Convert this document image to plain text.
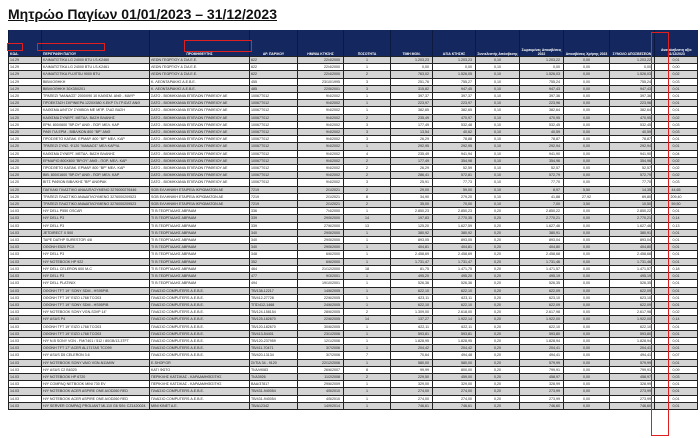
Μητρώο Παγίων 01/01/2023 – 31/12/2023
ΚΩΔ.	ΠΕΡΙΓΡΑΦΗ ΠΑΓΙΟΥ	ΠΡΟΜΗΘΕΥΤΗΣ	ΑΡ. ΠΑΡ/ΚΟΥ	ΗΜ/ΝΙΑ ΚΤΗΣΗΣ	ΠΟΣΟΤΗΤΑ	ΤΙΜΗ ΜΟΝ.	ΑΞΙΑ ΚΤΗΣΗΣ	Συντελεστής Απόσβεσης	Σωρευμένες Αποσβέσεις 2022	Αποσβέσεις Χρήσης 2023	ΣΥΝΟΛΟ ΑΠΟΣΒΕΣΕΩΝ	Αναπόσβεστη αξία 31/12/2023
14.29	ΚΛΙΜΑΤΙΣΤΙΚΑ LG 24000 BTU LS-K2460	ΛΕΩΝ ΓΕΩΡΓΙΟΥ & ΣΙΑ Ε.Ε.	622	22/4/2000	1	1.203,23	1.203,23	0,10	1.203,22	0,00	1.203,22	0,01
14.29	ΚΛΙΜΑΤΙΣΤΙΚΑ LG 24000 BTU LS-K2461	ΛΕΩΝ ΓΕΩΡΓΙΟΥ & ΣΙΑ Ε.Ε.	622	22/4/2000	1	0,00	0,00	0,10	0,00	0,00	0,00	0,00
14.29	ΚΛΙΜΑΤΙΣΤΙΚΑ FUJITSU 9000 BTU	ΛΕΩΝ ΓΕΩΡΓΙΟΥ & ΣΙΑ Ε.Ε.	622	22/4/2000	2	763,02	1.526,05	0,10	1.526,03	0,00	1.526,03	0,02
14.29	ΒΙΒΛΙΟΘΗΚΗ	Κ. ΛΕΟΝΤΑΡΑΚΗΣ Α.Ε.Β.Ε.	455	23/10/1995	3	251,76	755,27	0,10	755,24	0,00	755,24	0,03
14.29	ΒΙΒΛΙΟΘΗΚΗ 30Χ35Χ201	Κ. ΛΕΟΝΤΑΡΑΚΗΣ Α.Ε.Β.Ε.	485	22/5/2001	3	315,82	947,45	0,10	947,43	0,00	947,43	0,01
14.20	ΤΡΑΠΕΖΙ "ΜΑΝΑΟΣ" 2000Χ90 10 ΚΑΘΙΣΜ. ΑΝΘ - ΜΑΥΡ	ΣΑΤΟ - ΒΙΟΜΗΧΑΝΙΑ ΕΠΙΠΛΩΝ ΓΡΑΦΕΙΟΥ ΑΕ	10067Τ012	9/4/2002	1	397,37	397,37	0,10	397,36	0,00	397,36	0,01
14.20	ΠΡΟΕΚΤΑΣΗ ΣΚΡΙΝΙΕΡΑ 1220Χ580 Χ.ΕΚΡ ΓΛ.ΓΡ.ΙΣΑΤ ΑΝΘ	ΣΑΤΟ - ΒΙΟΜΗΧΑΝΙΑ ΕΠΙΠΛΩΝ ΓΡΑΦΕΙΟΥ ΑΕ	10067Τ012	9/4/2002	1	223,97	223,97	0,10	223,96	0,00	223,96	0,01
14.20	ΚΑΘΙΣΜΑ Δ/ΝΤΟΥ ΣΥΜΒΟΛ ΜΕ ΜΠΡ. ΓΛΑΣ ΒΑΣΗ	ΣΑΤΟ - ΒΙΟΜΗΧΑΝΙΑ ΕΠΙΠΛΩΝ ΓΡΑΦΕΙΟΥ ΑΕ	10067Τ012	9/4/2002	1	382,65	382,65	0,10	382,64	0,00	382,64	0,01
14.20	ΚΑΘΙΣΜΑ ΣΥΝΕΡΓ. ΜΕΤΑΛ. ΒΑΣΗ ΒΛΑΝΗΣ	ΣΑΤΟ - ΒΙΟΜΗΧΑΝΙΑ ΕΠΙΠΛΩΝ ΓΡΑΦΕΙΟΥ ΑΕ	10067Τ012	9/4/2002	2	235,49	470,97	0,10	470,95	0,00	470,95	0,02
14.20	ΕΡΜ. 800Χ600 "ΒΡ.ΟΥ" ΑΝΘ - ΠΟΡ. ΜΕΛ. ΚΑΡ	ΣΑΤΟ - ΒΙΟΜΗΧΑΝΙΑ ΕΠΙΠΛΩΝ ΓΡΑΦΕΙΟΥ ΑΕ	10067Τ012	9/4/2002	3	177,49	532,48	0,10	532,45	0,00	532,45	0,03
14.20	ΡΑΦΙ ΓΙΑ ΕΡΜ - ΒΙΒΛ/ΚΩΝ 800 "ΒΡ" ΑΝΘ	ΣΑΤΟ - ΒΙΟΜΗΧΑΝΙΑ ΕΠΙΠΛΩΝ ΓΡΑΦΕΙΟΥ ΑΕ	10067Τ012	9/4/2002	3	13,54	40,62	0,10	40,59	0,00	40,59	0,03
14.20	ΠΡΟΣΘΕΤΟ ΚΑΠΑΚ. ΕΡΜΑΡ. 800 "ΒΡ" ΜΕΛ. ΚΑΡ	ΣΑΤΟ - ΒΙΟΜΗΧΑΝΙΑ ΕΠΙΠΛΩΝ ΓΡΑΦΕΙΟΥ ΑΕ	10067Τ012	9/4/2002	3	26,29	78,88	0,10	78,87	0,00	78,87	0,01
14.20	ΤΡΑΠΕΖΙ ΣΥΝΣ. Φ120 "ΜΑΝΑΟΣ" ΜΕΛ ΚΑΡΥΔ	ΣΑΤΟ - ΒΙΟΜΗΧΑΝΙΑ ΕΠΙΠΛΩΝ ΓΡΑΦΕΙΟΥ ΑΕ	10067Τ012	9/4/2002	1	292,95	292,95	0,10	292,94	0,00	292,94	0,01
14.20	ΚΑΘΙΣΜΑ ΣΥΝΕΡΓ. ΜΕΤΑΛ. ΒΑΣΗ ΒΛΑΝΗΣ	ΣΑΤΟ - ΒΙΟΜΗΧΑΝΙΑ ΕΠΙΠΛΩΝ ΓΡΑΦΕΙΟΥ ΑΕ	10067Τ012	9/4/2002	4	235,49	941,94	0,10	941,90	0,00	941,90	0,04
14.20	ΕΡΜΑΡΙΟ 800Χ600 "ΒΡ.ΟΥ" ΑΝΘ - ΠΟΡ. ΜΕΛ. ΚΑΡ	ΣΑΤΟ - ΒΙΟΜΗΧΑΝΙΑ ΕΠΙΠΛΩΝ ΓΡΑΦΕΙΟΥ ΑΕ	10067Τ012	9/4/2002	2	177,49	354,98	0,10	354,96	0,00	354,96	0,02
14.20	ΠΡΟΣΘΕΤΟ ΚΑΠΑΚ. ΕΡΜΑΡ. 800 "ΒΡ" ΜΕΛ. ΚΑΡ	ΣΑΤΟ - ΒΙΟΜΗΧΑΝΙΑ ΕΠΙΠΛΩΝ ΓΡΑΦΕΙΟΥ ΑΕ	10067Τ012	9/4/2002	2	26,29	52,59	0,10	52,57	0,00	52,57	0,02
14.20	ΒΙΒ. 800Χ1600 "ΒΡ.ΟΥ" ΑΝΘ - ΠΟΡ. ΜΕΛ. ΚΑΡ	ΣΑΤΟ - ΒΙΟΜΗΧΑΝΙΑ ΕΠΙΠΛΩΝ ΓΡΑΦΕΙΟΥ ΑΕ	10067Τ012	9/4/2002	2	286,41	572,81	0,10	572,79	0,00	572,79	0,02
14.20	ΒΙΤΣ ΡΑΦΙΩΝ ΒΙΒΛ/ΚΗΣ "ΒΡ" ΑΝΘΡΑΚ	ΣΑΤΟ - ΒΙΟΜΗΧΑΝΙΑ ΕΠΙΠΛΩΝ ΓΡΑΦΕΙΟΥ ΑΕ	10067Τ012	9/4/2002	3	25,91	77,73	0,10	77,70	0,00	77,70	0,03
14.20	ΠΑΓΚΑΚΙ ΠΛΑΣΤΙΚΟ ΑΝΑΔΙΠΛΟΥΜΕΝΟ 3276000276446	SGB ΕΛΛΗΝΙΚΗ ΕΤΑΙΡΕΙΑ ΙΚΡΙΩΜΑΤΩΝ ΑΕ	7219	2/1/2021	2	29,00	59,00	0,10	8,97	5,50	14,35	44,65
14.20	ΤΡΑΠΕΖΙ ΠΛΑΣΤΙΚΟ ΑΝΑΔΙΠΛΟΥΜΕΝΟ 3276000209523	SGB ΕΛΛΗΝΙΚΗ ΕΤΑΙΡΕΙΑ ΙΚΡΙΩΜΑΤΩΝ ΑΕ	7219	2/1/2021	8	34,90	279,20	0,10	41,88	27,92	69,80	209,40
14.20	ΤΡΑΠΕΖΙ ΠΛΑΣΤΙΚΟ ΑΝΑΔΙΠΛΟΥΜΕΝΟ 3276000209523	SGB ΕΛΛΗΝΙΚΗ ΕΤΑΙΡΕΙΑ ΙΚΡΙΩΜΑΤΩΝ ΑΕ	7219	2/1/2021	2	35,00	70,00	0,10	7,00	3,50	10,50	59,50
14.03	Η/Υ DELL P550 OSCAR	ΤΙ Β ΓΕΩΡΓΙΑΔΗΣ ΑΒΡΑΑΜ	336	7/4/2000	1	2.850,23	2.850,23	0,20	2.850,22	0,00	2.850,22	0,01
14.03	Η/Υ DELL P3	ΤΙ Β ΓΕΩΡΓΙΑΔΗΣ ΑΒΡΑΑΜ	339	29/5/2000	14	197,83	2.770,35	0,20	2.770,21	0,00	2.770,21	0,14
14.03	Η/Υ DELL P3	ΤΙ Β ΓΕΩΡΓΙΑΔΗΣ ΑΒΡΑΑΜ	339	27/6/2000	13	125,20	1.627,59	0,20	1.627,46	0,00	1.627,46	0,13
14.03	JETDIRECT X 500	ΤΙ Β ΓΕΩΡΓΙΑΔΗΣ ΑΒΡΑΑΜ	340	29/5/2000	1	380,92	380,92	0,20	380,91	0,00	380,91	0,01
14.03	TAPE DATHP SURESTOR 4/8	ΤΙ Β ΓΕΩΡΓΙΑΔΗΣ ΑΒΡΑΑΜ	340	29/5/2000	1	893,05	893,05	0,20	893,04	0,00	893,04	0,01
14.03	ΟΘΟΝΗ E520 PCX	ΤΙ Β ΓΕΩΡΓΙΑΔΗΣ ΑΒΡΑΑΜ	340	29/5/2000	1	404,81	404,81	0,20	404,80	0,00	404,80	0,01
14.03	Η/Υ DELL P3	ΤΙ Β ΓΕΩΡΓΙΑΔΗΣ ΑΒΡΑΑΜ	348	6/6/2000	1	2.458,69	2.458,69	0,20	2.458,68	0,00	2.458,68	0,01
14.03	Η/Υ NOTEBOOK HP 922	ΤΙ Β ΓΕΩΡΓΙΑΔΗΣ ΑΒΡΑΑΜ	352	6/6/2000	1	1.731,47	1.731,47	0,20	1.731,46	0,00	1.731,46	0,01
14.03	Η/Υ DELL CELERON 600 M-C	ΤΙ Β ΓΕΩΡΓΙΑΔΗΣ ΑΒΡΑΑΜ	464	21/12/2000	18	81,75	1.471,75	0,20	1.471,57	0,00	1.471,57	0,18
14.03	Η/Υ DELL P3	ΤΙ Β ΓΕΩΡΓΙΑΔΗΣ ΑΒΡΑΑΜ	477	9/3/2001	1	495,20	495,20	0,20	495,19	0,00	495,19	0,01
14.03	Η/Υ DELL PLATINIX	ΤΙ Β ΓΕΩΡΓΙΑΔΗΣ ΑΒΡΑΑΜ	494	19/10/2001	1	526,36	526,36	0,20	526,35	0,00	526,35	0,01
14.03	ΟΘΟΝΗ TFT 19" SONY SDM - HS95P/B	ΠΛΑΙΣΙΟ COMPUTERS Α.Ε.Β.Ε.	ΤΒ/138-12217	14/6/2005	1	622,10	622,10	0,20	622,09	0,00	622,09	0,01
14.03	ΟΘΟΝΗ TFT 19" EIZO L768 TCO03	ΠΛΑΙΣΙΟ COMPUTERS Α.Ε.Β.Ε.	ΤΒ/412-27728	22/6/2005	1	623,11	623,11	0,20	623,10	0,00	623,10	0,01
14.03	ΟΘΟΝΗ TFT 19" SONY SDM - HS95P/B	ΠΛΑΙΣΙΟ COMPUTERS Α.Ε.Β.Ε.	ΤΠΣ/412-1468	24/6/2005	1	622,10	622,10	0,20	622,09	0,00	622,09	0,01
14.03	Η/Υ NOTEBOOK SONY VGN-S3VP 14"	ΠΛΑΙΣΙΟ COMPUTERS Α.Ε.Β.Ε.	ΤΒ/124-158154	28/6/2005	2	1.309,00	2.618,00	0,20	2.617,98	0,00	2.617,98	0,02
14.03	Η/Υ ASUS P4	ΠΛΑΙΣΙΟ COMPUTERS Α.Ε.Β.Ε.	ΤΒ/125-182670	22/6/2005	14	137,27	1.922,14	0,20	1.922,00	0,00	1.922,00	0,14
14.03	ΟΘΟΝΗ TFT 19" EIZO L768 TCO03	ΠΛΑΙΣΙΟ COMPUTERS Α.Ε.Β.Ε.	ΤΒ/120-182670	30/6/2005	1	622,11	622,11	0,20	622,10	0,00	622,10	0,01
14.03	ΟΘΟΝΗ TFT 19" EIZO L768 TCO03	ΠΛΑΙΣΙΟ COMPUTERS Α.Ε.Β.Ε.	ΤΒ/413-54401	23/1/2006	1	593,81	593,81	0,20	593,80	0,00	593,80	0,01
14.03	Η/Υ N.B SONY VGN - FM/7401 / 512 / 80GB/13.3TFT	ΠΛΑΙΣΙΟ COMPUTERS Α.Ε.Β.Ε.	ΤΒ/120-237959	12/1/2006	1	1.828,95	1.828,95	0,20	1.828,94	0,00	1.828,94	0,01
14.03	ΟΘΟΝΗ TFT 17" ACER AL1717AS TCO99	ΠΛΑΙΣΙΟ COMPUTERS Α.Ε.Β.Ε.	ΤΒ/411-70471	3/7/2006	1	204,42	204,42	0,20	204,41	0,00	204,41	0,01
14.03	Η/Υ ASUS D5 CELERON 3.6	ΠΛΑΙΣΙΟ COMPUTERS Α.Ε.Β.Ε.	ΤΒ/420-13134	3/7/2006	7	70,64	494,48	0,20	494,41	0,00	494,41	0,07
14.03	Η/Υ NOTEBOOK SONY VAIO VGN-N11M/W	E-SHOP.GR	ΣΙ/ΤΙΑ 34 - 9120	22/12/2006	1	580,00	580,00	0,20	579,99	0,00	579,99	0,01
14.03	Η/Υ ASUS C2 B6320	ΚΑΤΙ ΦΩΤΟ	ΤΙ/ΑΛ9083	26/6/2007	8	99,99	800,00	0,20	799,91	0,00	799,91	0,09
14.03	Η/Υ NOTEBOOK HP 6720	ΠΕΡΙΚΛΗΣ ΚΑΤΣΙΚΑΣ - ΚΑΡΔΑΜΗΘΙΣΙΤΗΣ	ΤΙ/Α3926	11/2/2008	2	229,50	459,00	0,20	458,97	0,00	458,97	0,03
14.03	Η/Υ COMPAQ NETBOOK MINI 730 EV	ΠΕΡΙΚΛΗΣ ΚΑΤΣΙΚΑΣ - ΚΑΡΔΑΜΗΘΙΣΙΤΗΣ	ΒΑΑ/37817	29/6/2009	1	329,00	329,00	0,20	328,99	0,00	328,99	0,01
14.03	Η/Υ NOTEBOOK ACER ASPIRE ONE A/OD260 RED	ΠΛΑΙΣΙΟ COMPUTERS Α.Ε.Β.Ε.	ΤΒ/431-940054	4/5/2010	1	274,00	274,00	0,20	273,99	0,00	273,99	0,01
14.03	Η/Υ NOTEBOOK ACER ASPIRE ONE A/OD260 RED	ΠΛΑΙΣΙΟ COMPUTERS Α.Ε.Β.Ε.	ΤΒ/431-940054	4/5/2010	1	274,00	274,00	0,20	273,99	0,00	273,99	0,01
14.03	Η/Υ SERVER COMPAQ PROLIANT ML110 G6 S/N: CZ1420024	ΜΙΝΙ ΚΙΝΕΤ Α.Ε.	ΤΒ/Α12342	14/9/2014	1	746,61	746,61	0,20	746,60	0,00	746,60	0,01
